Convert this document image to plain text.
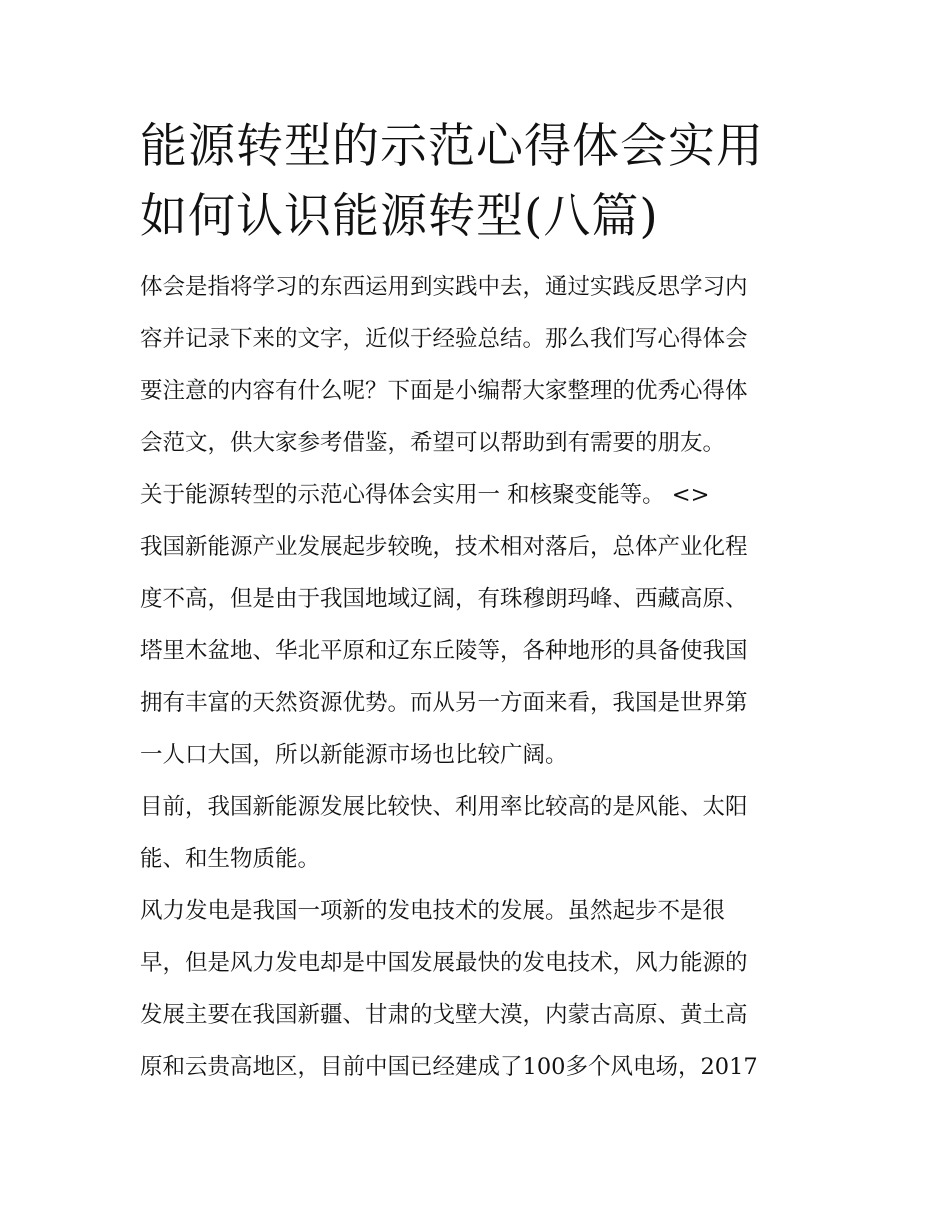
能源转型的示范心得体会实用
如何认识能源转型(八篇)
体会是指将学习的东西运用到实践中去，通过实践反思学习内
容并记录下来的文字，近似于经验总结。那么我们写心得体会
要注意的内容有什么呢？下面是小编帮大家整理的优秀心得体
会范文，供大家参考借鉴，希望可以帮助到有需要的朋友。
关于能源转型的示范心得体会实用一 和核聚变能等。 <>
我国新能源产业发展起步较晚，技术相对落后，总体产业化程
度不高，但是由于我国地域辽阔，有珠穆朗玛峰、西藏高原、
塔里木盆地、华北平原和辽东丘陵等，各种地形的具备使我国
拥有丰富的天然资源优势。而从另一方面来看，我国是世界第
一人口大国，所以新能源市场也比较广阔。
目前，我国新能源发展比较快、利用率比较高的是风能、太阳
能、和生物质能。
风力发电是我国一项新的发电技术的发展。虽然起步不是很
早，但是风力发电却是中国发展最快的发电技术，风力能源的
发展主要在我国新疆、甘肃的戈壁大漠，内蒙古高原、黄土高
原和云贵高地区，目前中国已经建成了100多个风电场，2017
